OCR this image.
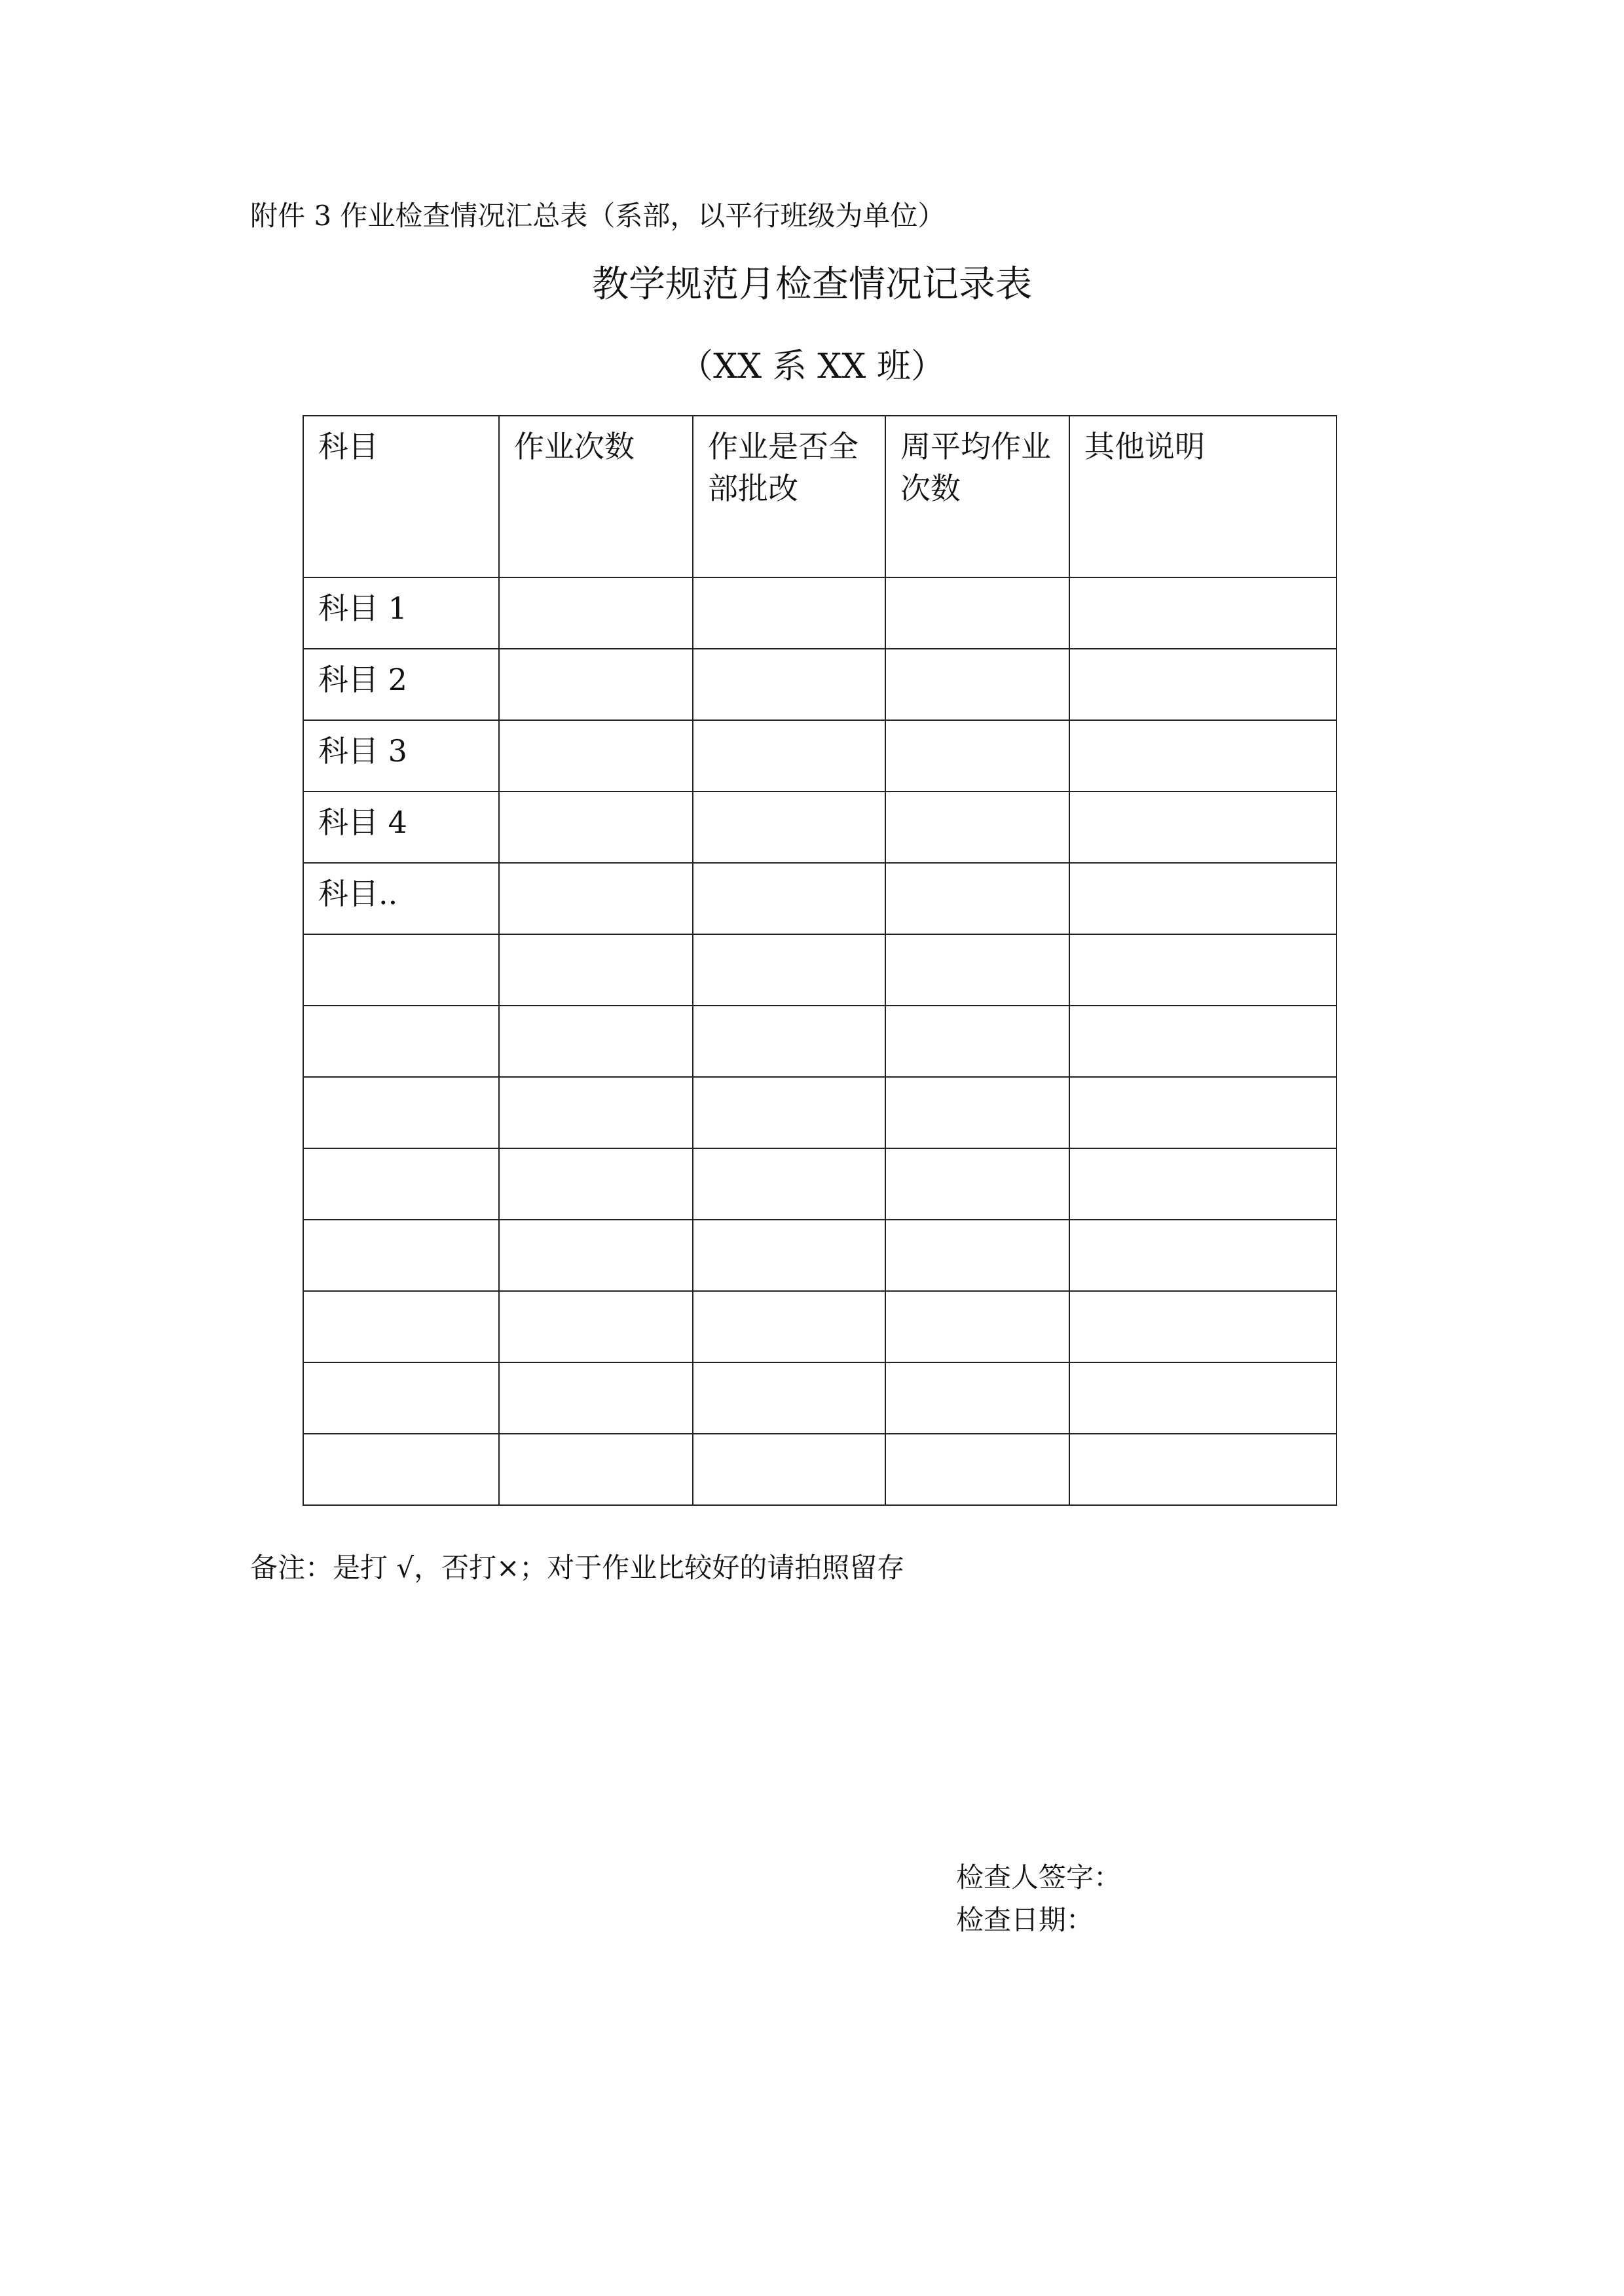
附件 3 作业检查情况汇总表（系部，以平行班级为单位）
教学规范月检查情况记录表
（XX 系 XX 班）
科目	作业次数	作业是否全部批改	周平均作业次数	其他说明
科目 1				
科目 2				
科目 3				
科目 4				
科目..				

备注：是打 √，否打×；对于作业比较好的请拍照留存
检查人签字：
检查日期：
